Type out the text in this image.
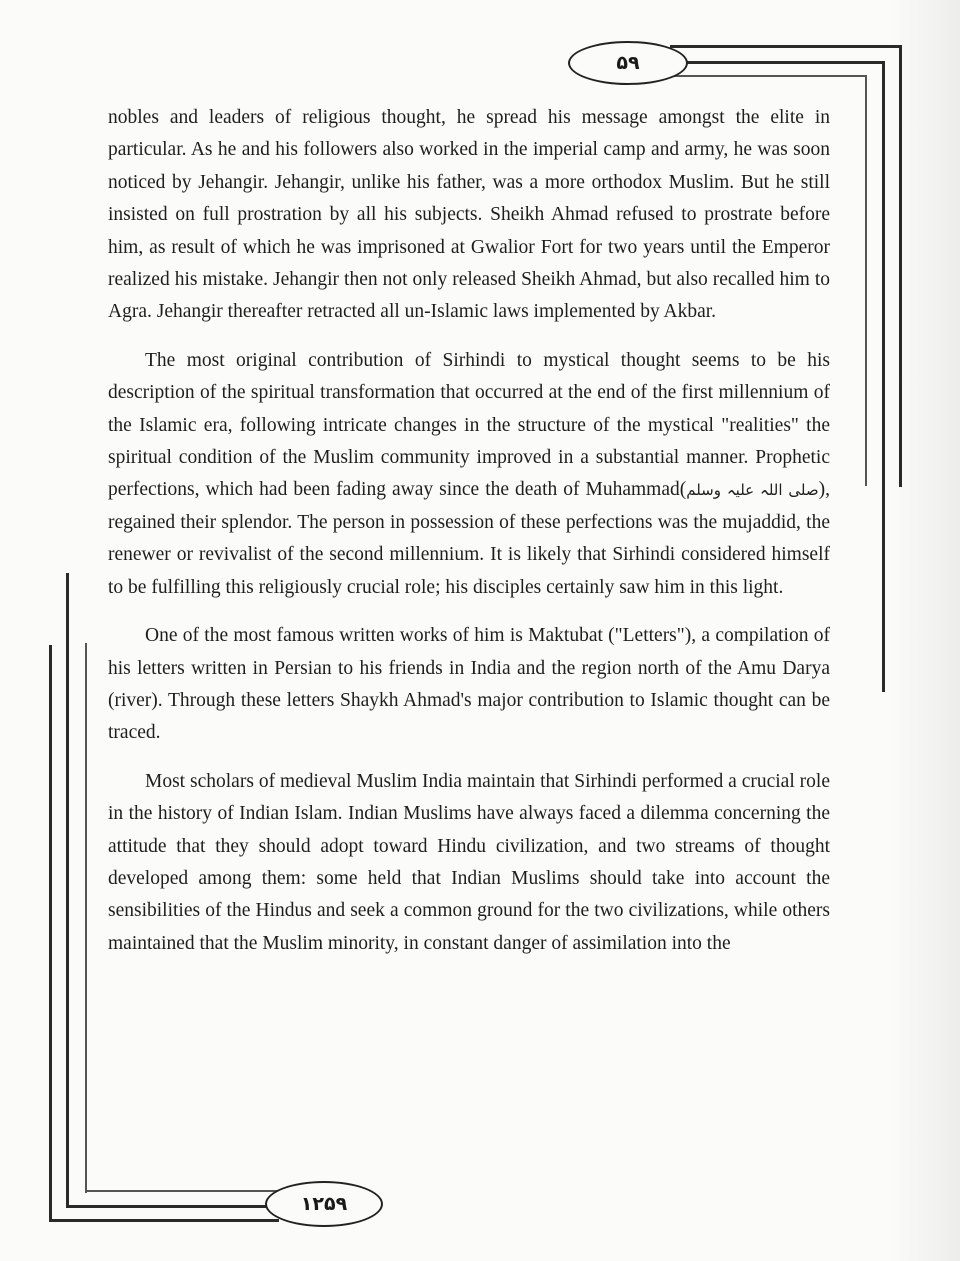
۵۹
۱۲۵۹

nobles and leaders of religious thought, he spread his message amongst the elite in particular. As he and his followers also worked in the imperial camp and army, he was soon noticed by Jehangir. Jehangir, unlike his father, was a more orthodox Muslim. But he still insisted on full prostration by all his subjects. Sheikh Ahmad refused to prostrate before him, as result of which he was imprisoned at Gwalior Fort for two years until the Emperor realized his mistake. Jehangir then not only released Sheikh Ahmad, but also recalled him to Agra. Jehangir thereafter retracted all un-Islamic laws implemented by Akbar.

The most original contribution of Sirhindi to mystical thought seems to be his description of the spiritual transformation that occurred at the end of the first millennium of the Islamic era, following intricate changes in the structure of the mystical "realities" the spiritual condition of the Muslim community improved in a substantial manner. Prophetic perfections, which had been fading away since the death of Muhammad(صلی اللہ علیہ وسلم), regained their splendor. The person in possession of these perfections was the mujaddid, the renewer or revivalist of the second millennium. It is likely that Sirhindi considered himself to be fulfilling this religiously crucial role; his disciples certainly saw him in this light.

One of the most famous written works of him is Maktubat ("Letters"), a compilation of his letters written in Persian to his friends in India and the region north of the Amu Darya (river). Through these letters Shaykh Ahmad's major contribution to Islamic thought can be traced.

Most scholars of medieval Muslim India maintain that Sirhindi performed a crucial role in the history of Indian Islam. Indian Muslims have always faced a dilemma concerning the attitude that they should adopt toward Hindu civilization, and two streams of thought developed among them: some held that Indian Muslims should take into account the sensibilities of the Hindus and seek a common ground for the two civilizations, while others maintained that the Muslim minority, in constant danger of assimilation into the
